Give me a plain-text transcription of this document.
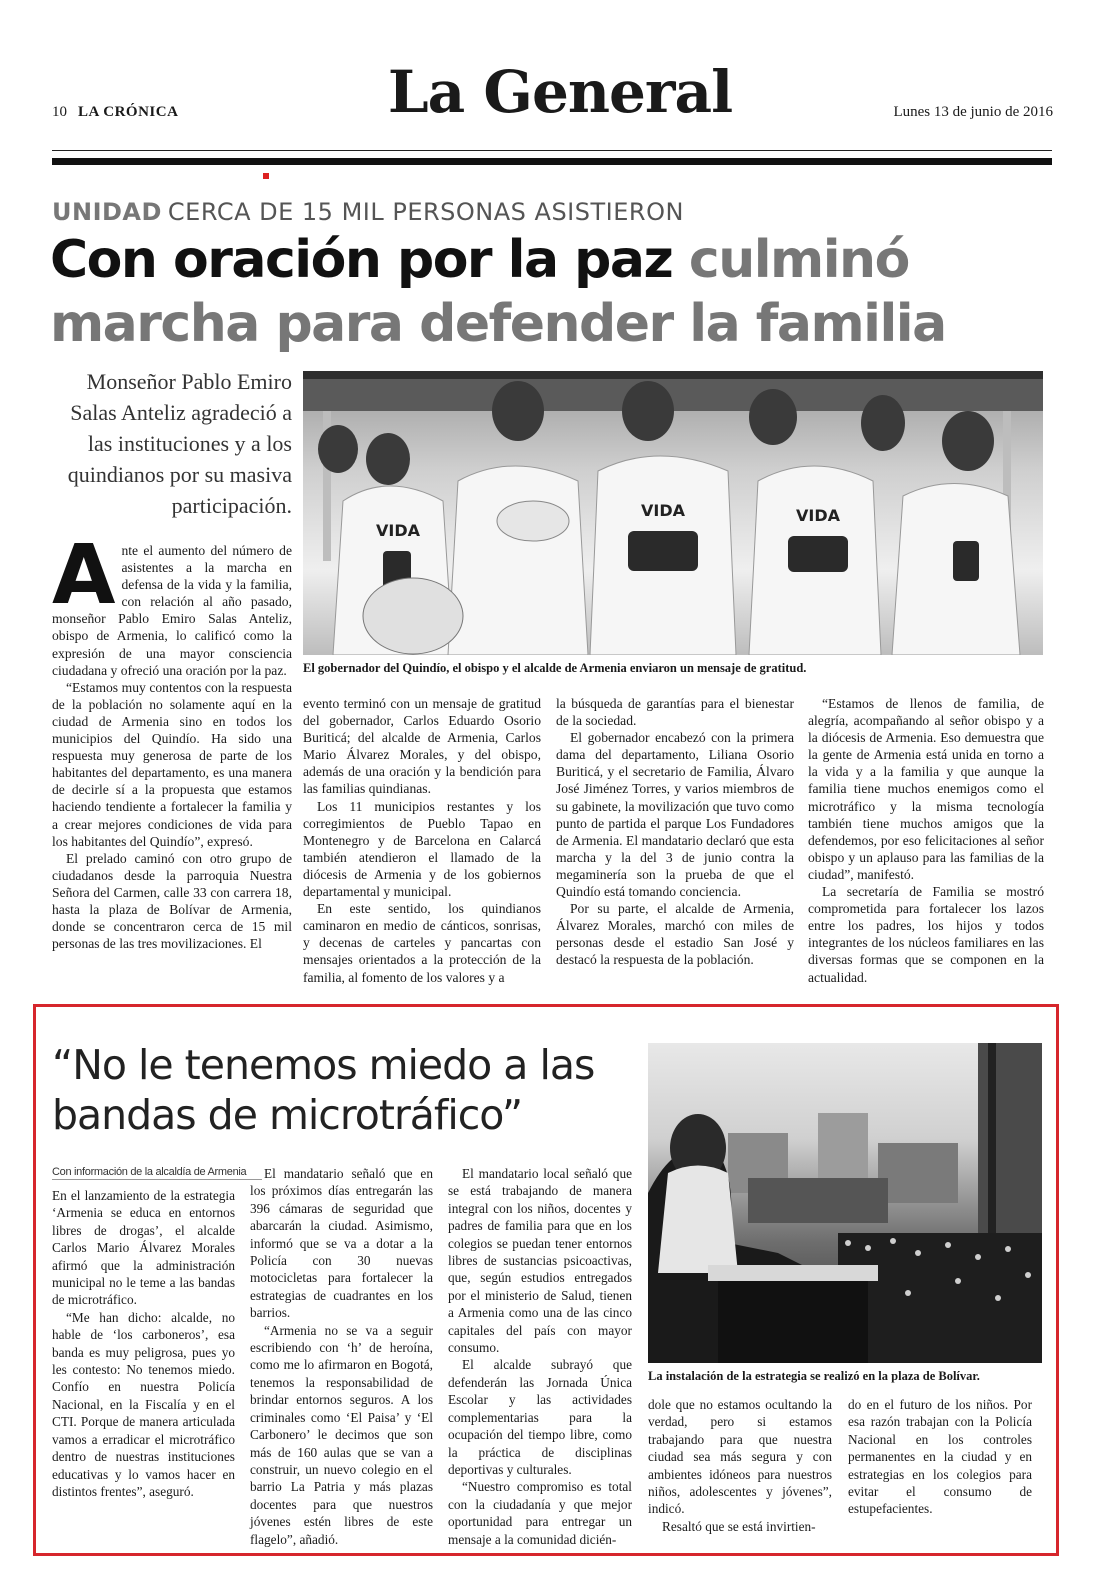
10 LA CRÓNICA	La General	Lunes 13 de junio de 2016
UNIDAD CERCA DE 15 MIL PERSONAS ASISTIERON
Con oración por la paz culminó marcha para defender la familia
Monseñor Pablo Emiro Salas Anteliz agradeció a las instituciones y a los quindianos por su masiva participación.
VIDA
VIDA	VIDA
El gobernador del Quindío, el obispo y el alcalde de Armenia enviaron un mensaje de gratitud.

Ante el aumento del número de asistentes a la marcha en defensa de la vida y la familia, con relación al año pasado, monseñor Pablo Emiro Salas Anteliz, obispo de Armenia, lo calificó como la expresión de una mayor consciencia ciudadana y ofreció una oración por la paz.

“Estamos muy contentos con la respuesta de la población no solamente aquí en la ciudad de Armenia sino en todos los municipios del Quindío. Ha sido una respuesta muy generosa de parte de los habitantes del departamento, es una manera de decirle sí a la propuesta que estamos haciendo tendiente a fortalecer la familia y a crear mejores condiciones de vida para los habitantes del Quindío”, expresó.

El prelado caminó con otro grupo de ciudadanos desde la parroquia Nuestra Señora del Carmen, calle 33 con carrera 18, hasta la plaza de Bolívar de Armenia, donde se concentraron cerca de 15 mil personas de las tres movilizaciones. El

evento terminó con un mensaje de gratitud del gobernador, Carlos Eduardo Osorio Buriticá; del alcalde de Armenia, Carlos Mario Álvarez Morales, y del obispo, además de una oración y la bendición para las familias quindianas.

Los 11 municipios restantes y los corregimientos de Pueblo Tapao en Montenegro y de Barcelona en Calarcá también atendieron el llamado de la diócesis de Armenia y de los gobiernos departamental y municipal.

En este sentido, los quindianos caminaron en medio de cánticos, sonrisas, y decenas de carteles y pancartas con mensajes orientados a la protección de la familia, al fomento de los valores y a

la búsqueda de garantías para el bienestar de la sociedad.

El gobernador encabezó con la primera dama del departamento, Liliana Osorio Buriticá, y el secretario de Familia, Álvaro José Jiménez Torres, y varios miembros de su gabinete, la movilización que tuvo como punto de partida el parque Los Fundadores de Armenia. El mandatario declaró que esta marcha y la del 3 de junio contra la megaminería son la prueba de que el Quindío está tomando conciencia.

Por su parte, el alcalde de Armenia, Álvarez Morales, marchó con miles de personas desde el estadio San José y destacó la respuesta de la población.

“Estamos de llenos de familia, de alegría, acompañando al señor obispo y a la diócesis de Armenia. Eso demuestra que la gente de Armenia está unida en torno a la vida y a la familia y que aunque la familia tiene muchos enemigos como el microtráfico y la misma tecnología también tiene muchos amigos que la defendemos, por eso felicitaciones al señor obispo y un aplauso para las familias de la ciudad”, manifestó.

La secretaría de Familia se mostró comprometida para fortalecer los lazos entre los padres, los hijos y todos integrantes de los núcleos familiares en las diversas formas que se componen en la actualidad.

“No le tenemos miedo a las bandas de microtráfico”
Con información de la alcaldía de Armenia
La instalación de la estrategia se realizó en la plaza de Bolívar.

En el lanzamiento de la estrategia ‘Armenia se educa en entornos libres de drogas’, el alcalde Carlos Mario Álvarez Morales afirmó que la administración municipal no le teme a las bandas de microtráfico.

“Me han dicho: alcalde, no hable de ‘los carboneros’, esa banda es muy peligrosa, pues yo les contesto: No tenemos miedo. Confío en nuestra Policía Nacional, en la Fiscalía y en el CTI. Porque de manera articulada vamos a erradicar el microtráfico dentro de nuestras instituciones educativas y lo vamos hacer en distintos frentes”, aseguró.

El mandatario señaló que en los próximos días entregarán las 396 cámaras de seguridad que abarcarán la ciudad. Asimismo, informó que se va a dotar a la Policía con 30 nuevas motocicletas para fortalecer la estrategias de cuadrantes en los barrios.

“Armenia no se va a seguir escribiendo con ‘h’ de heroína, como me lo afirmaron en Bogotá, tenemos la responsabilidad de brindar entornos seguros. A los criminales como ‘El Paisa’ y ‘El Carbonero’ le decimos que son más de 160 aulas que se van a construir, un nuevo colegio en el barrio La Patria y más plazas docentes para que nuestros jóvenes estén libres de este flagelo”, añadió.

El mandatario local señaló que se está trabajando de manera integral con los niños, docentes y padres de familia para que en los colegios se puedan tener entornos libres de sustancias psicoactivas, que, según estudios entregados por el ministerio de Salud, tienen a Armenia como una de las cinco capitales del país con mayor consumo.

El alcalde subrayó que defenderán las Jornada Única Escolar y las actividades complementarias para la ocupación del tiempo libre, como la práctica de disciplinas deportivas y culturales.

“Nuestro compromiso es total con la ciudadanía y que mejor oportunidad para entregar un mensaje a la comunidad dicién-

dole que no estamos ocultando la verdad, pero si estamos trabajando para que nuestra ciudad sea más segura y con ambientes idóneos para nuestros niños, adolescentes y jóvenes”, indicó.

Resaltó que se está invirtien-

do en el futuro de los niños. Por esa razón trabajan con la Policía Nacional en los controles permanentes en la ciudad y en estrategias en los colegios para evitar el consumo de estupefacientes.
